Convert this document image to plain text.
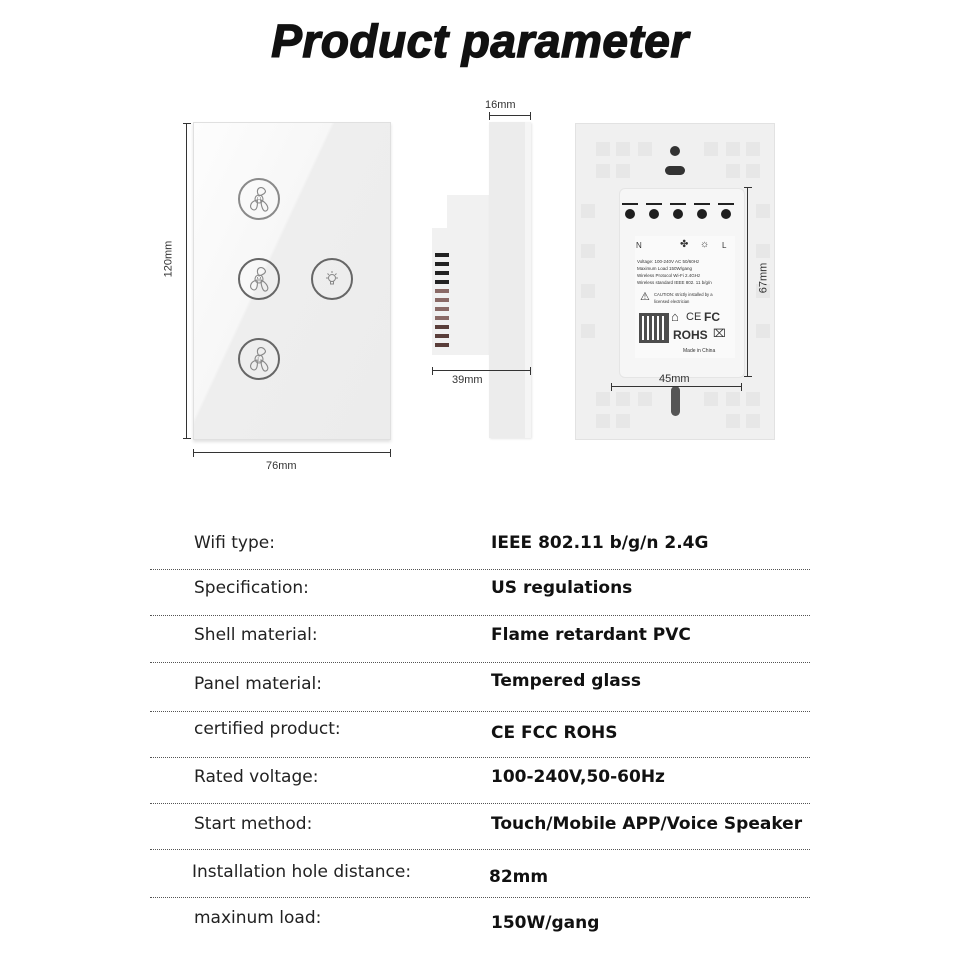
Product parameter
120mm
H
M
L
76mm
16mm
39mm
N	✤ ☼ L
Voltage: 100-240V AC 50/60Hz
Maximum Load 150W/gang
Wireless Protocol Wi-Fi 2.4GHz
Wireless standard IEEE 802. 11 b/g/n
⚠ CAUTION: strictly installed by a licensed electrician
⌂ CE FC
ROHS ⌧
Made in China
67mm
45mm
Wifi type:	IEEE 802.11 b/g/n 2.4G
Specification:	US regulations
Shell material:	Flame retardant PVC
Panel material:	Tempered glass
certified product:	CE FCC ROHS
Rated voltage:	100-240V,50-60Hz
Start method:	Touch/Mobile APP/Voice Speaker
Installation hole distance:	82mm
maxinum load:	150W/gang
